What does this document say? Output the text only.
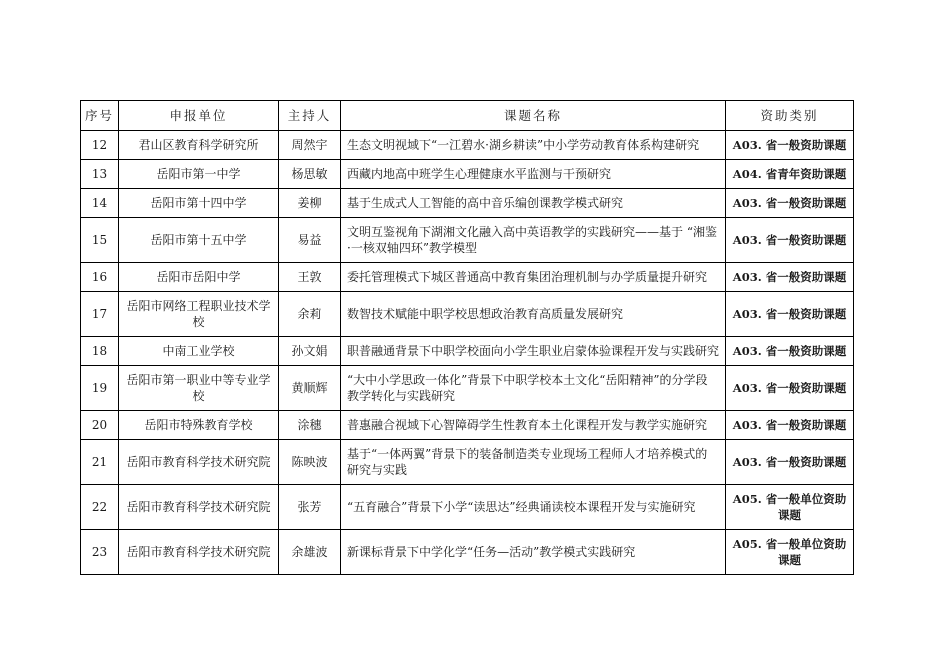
序号	申报单位	主持人	课题名称	资助类别
12	君山区教育科学研究所	周然宇	生态文明视域下“一江碧水·湖乡耕读”中小学劳动教育体系构建研究	A03. 省一般资助课题
13	岳阳市第一中学	杨思敏	西藏内地高中班学生心理健康水平监测与干预研究	A04. 省青年资助课题
14	岳阳市第十四中学	姜柳	基于生成式人工智能的高中音乐编创课教学模式研究	A03. 省一般资助课题
15	岳阳市第十五中学	易益	文明互鉴视角下湖湘文化融入高中英语教学的实践研究——基于 “湘鉴·一核双轴四环”教学模型	A03. 省一般资助课题
16	岳阳市岳阳中学	王敦	委托管理模式下城区普通高中教育集团治理机制与办学质量提升研究	A03. 省一般资助课题
17	岳阳市网络工程职业技术学校	余莉	数智技术赋能中职学校思想政治教育高质量发展研究	A03. 省一般资助课题
18	中南工业学校	孙文娟	职普融通背景下中职学校面向小学生职业启蒙体验课程开发与实践研究	A03. 省一般资助课题
19	岳阳市第一职业中等专业学校	黄顺辉	“大中小学思政一体化”背景下中职学校本土文化“岳阳精神”的分学段教学转化与实践研究	A03. 省一般资助课题
20	岳阳市特殊教育学校	涂穗	普惠融合视域下心智障碍学生性教育本土化课程开发与教学实施研究	A03. 省一般资助课题
21	岳阳市教育科学技术研究院	陈映波	基于“一体两翼”背景下的装备制造类专业现场工程师人才培养模式的研究与实践	A03. 省一般资助课题
22	岳阳市教育科学技术研究院	张芳	“五育融合”背景下小学“读思达”经典诵读校本课程开发与实施研究	A05. 省一般单位资助课题
23	岳阳市教育科学技术研究院	余雄波	新课标背景下中学化学“任务—活动”教学模式实践研究	A05. 省一般单位资助课题
